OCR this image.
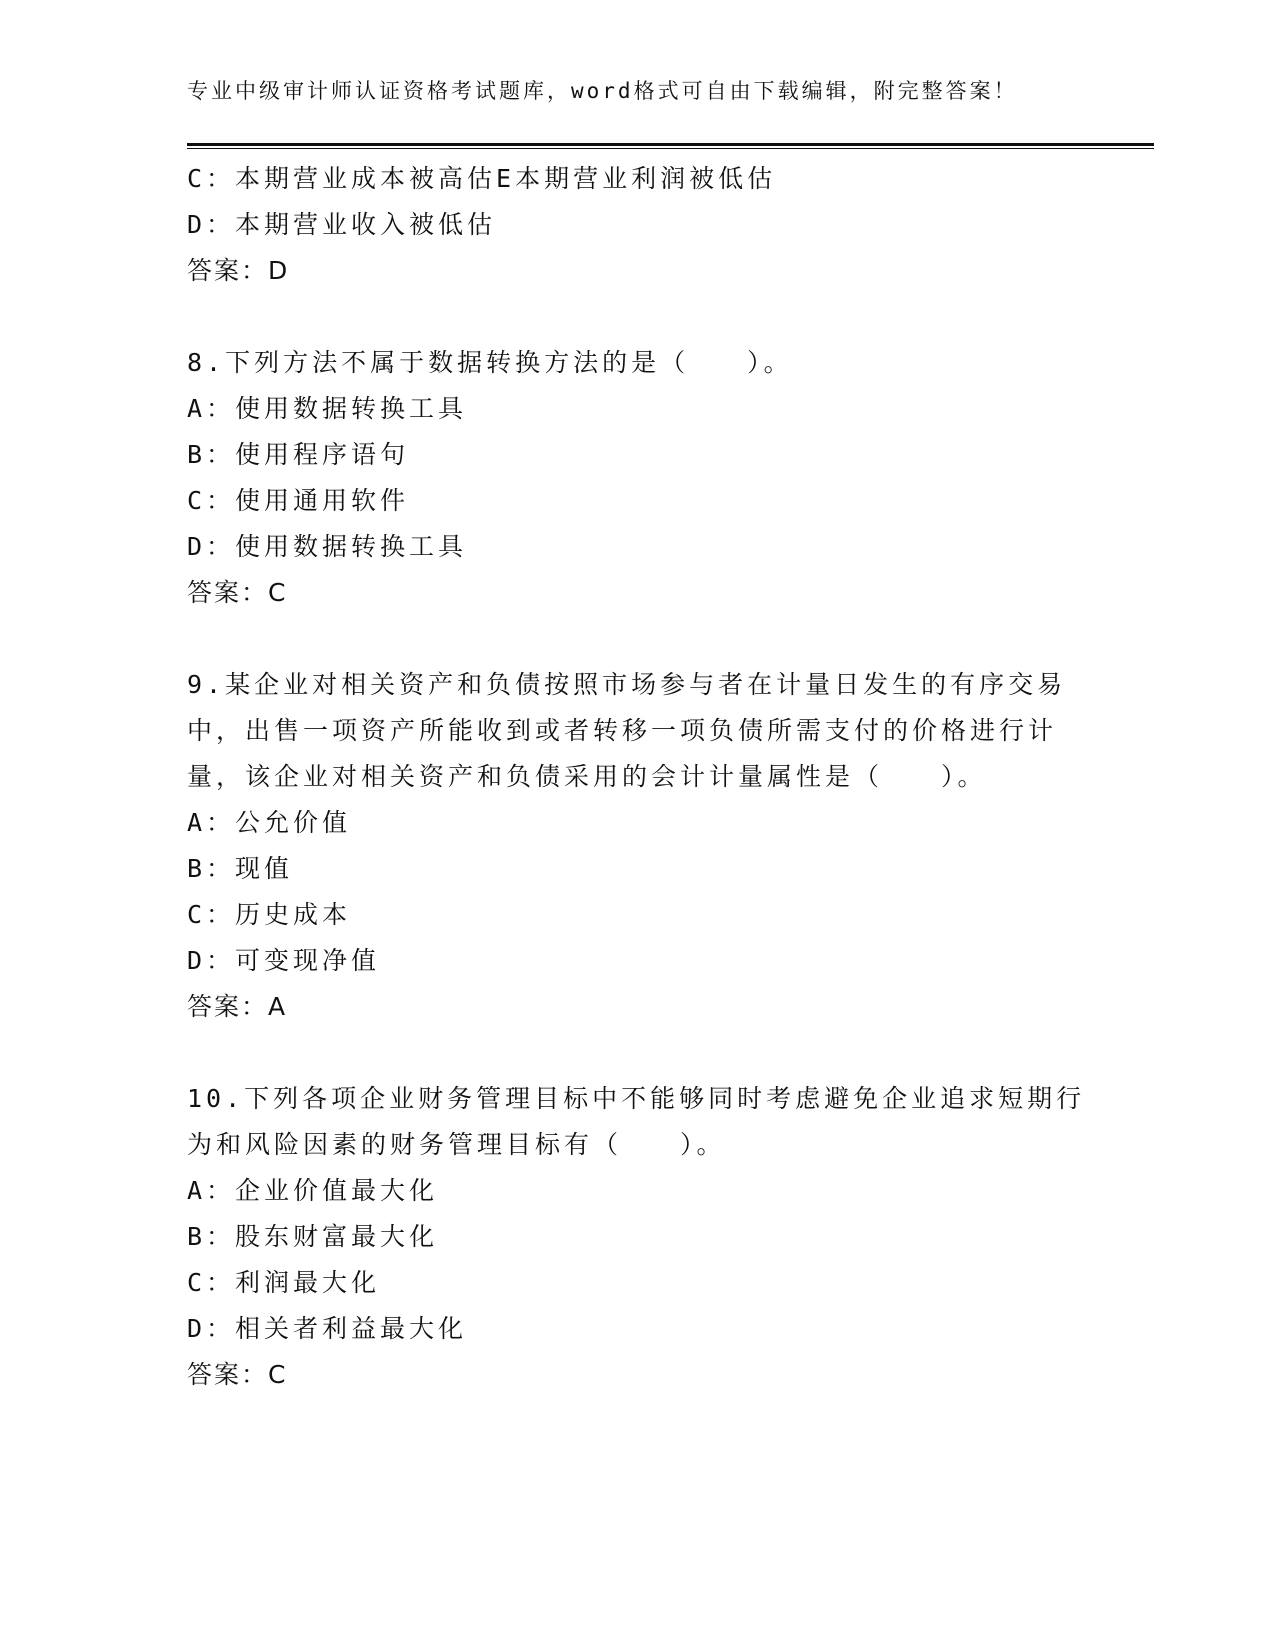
专业中级审计师认证资格考试题库，word格式可自由下载编辑，附完整答案！
C：本期营业成本被高估E本期营业利润被低估
D：本期营业收入被低估
答案：D
8.下列方法不属于数据转换方法的是（　　）。
A：使用数据转换工具
B：使用程序语句
C：使用通用软件
D：使用数据转换工具
答案：C
9.某企业对相关资产和负债按照市场参与者在计量日发生的有序交易
中，出售一项资产所能收到或者转移一项负债所需支付的价格进行计
量，该企业对相关资产和负债采用的会计计量属性是（　　）。
A：公允价值
B：现值
C：历史成本
D：可变现净值
答案：A
10.下列各项企业财务管理目标中不能够同时考虑避免企业追求短期行
为和风险因素的财务管理目标有（　　）。
A：企业价值最大化
B：股东财富最大化
C：利润最大化
D：相关者利益最大化
答案：C
